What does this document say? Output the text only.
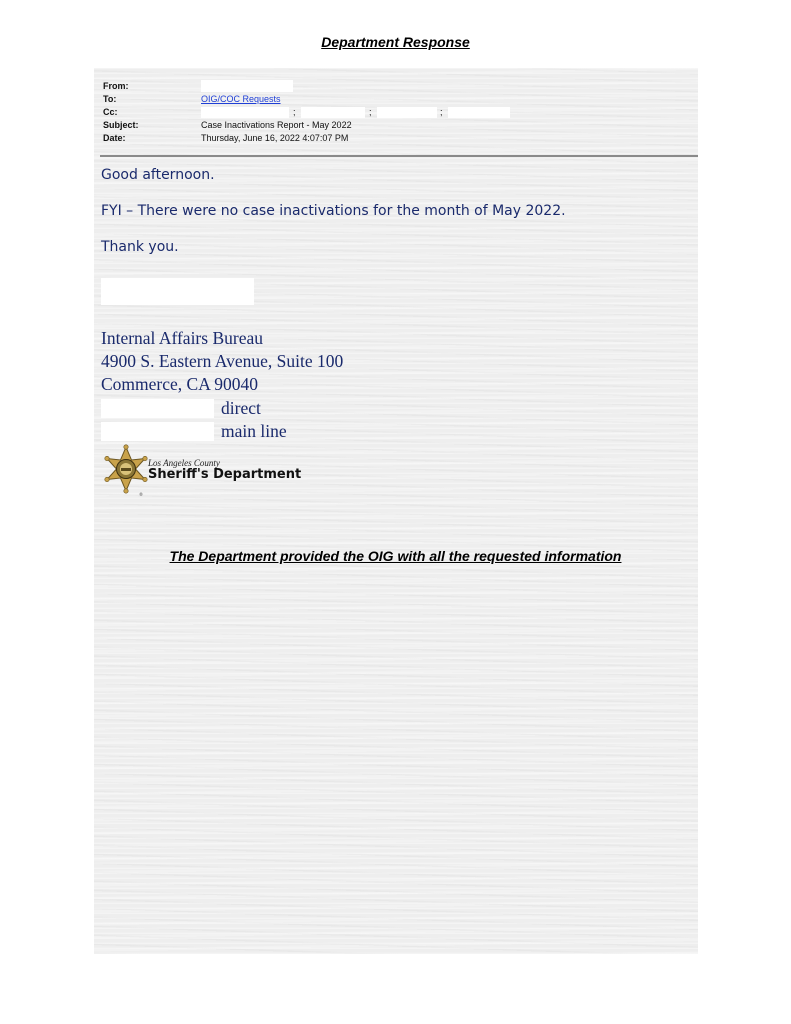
Department Response
From:
To:	OIG/COC Requests
Cc:	;	;	;
Subject:	Case Inactivations Report - May 2022
Date:	Thursday, June 16, 2022 4:07:07 PM
Good afternoon.
FYI – There were no case inactivations for the month of May 2022.
Thank you.
Internal Affairs Bureau
4900 S. Eastern Avenue, Suite 100
Commerce, CA 90040
direct
main line
®
Los Angeles County
Sheriff's Department
The Department provided the OIG with all the requested information
